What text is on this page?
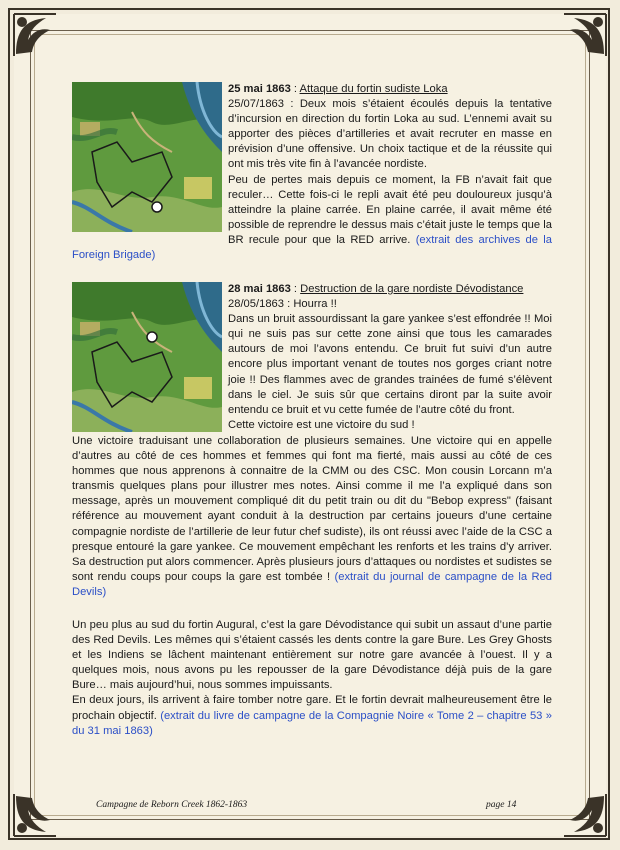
25 mai 1863 : Attaque du fortin sudiste Loka

25/07/1863 : Deux mois s’étaient écoulés depuis la tentative d’incursion en direction du fortin Loka au sud. L’ennemi avait su apporter des pièces d’artilleries et avait recruter en masse en prévision d’une offensive. Un choix tactique et de la réussite qui ont mis très vite fin à l’avancée nordiste.

Peu de pertes mais depuis ce moment, la FB n’avait fait que reculer… Cette fois-ci le repli avait été peu douloureux jusqu’à atteindre la plaine carrée. En plaine carrée, il avait même été possible de reprendre le dessus mais c’était juste le temps que la BR recule pour que la RED arrive. (extrait des archives de la Foreign Brigade)

28 mai 1863 : Destruction de la gare nordiste Dévodistance

28/05/1863 : Hourra !!

Dans un bruit assourdissant la gare yankee s’est effondrée !! Moi qui ne suis pas sur cette zone ainsi que tous les camarades autours de moi l’avons entendu. Ce bruit fut suivi d’un autre encore plus important venant de toutes nos gorges criant notre joie !! Des flammes avec de grandes trainées de fumé s’élèvent dans le ciel. Je suis sûr que certains diront par la suite avoir entendu ce bruit et vu cette fumée de l’autre côté du front.

Cette victoire est une victoire du sud !

Une victoire traduisant une collaboration de plusieurs semaines. Une victoire qui en appelle d’autres au côté de ces hommes et femmes qui font ma fierté, mais aussi au côté de ces hommes que nous apprenons à connaitre de la CMM ou des CSC. Mon cousin Lorcann m’a transmis quelques plans pour illustrer mes notes. Ainsi comme il me l’a expliqué dans son message, après un mouvement compliqué dit du petit train ou dit du "Bebop express" (faisant référence au mouvement ayant conduit à la destruction par certains joueurs d’une certaine compagnie nordiste de l’artillerie de leur futur chef sudiste), ils ont réussi avec l’aide de la CSC a presque entouré la gare yankee. Ce mouvement empêchant les renforts et les trains d’y arriver. Sa destruction put alors commencer. Après plusieurs jours d’attaques ou nordistes et sudistes se sont rendu coups pour coups la gare est tombée ! (extrait du journal de campagne de la Red Devils)

Un peu plus au sud du fortin Augural, c’est la gare Dévodistance qui subit un assaut d’une partie des Red Devils. Les mêmes qui s’étaient cassés les dents contre la gare Bure. Les Grey Ghosts et les Indiens se lâchent maintenant entièrement sur notre gare avancée à l’ouest. Il y a quelques mois, nous avons pu les repousser de la gare Dévodistance déjà puis de la gare Bure… mais aujourd’hui, nous sommes impuissants.

En deux jours, ils arrivent à faire tomber notre gare. Et le fortin devrait malheureusement être le prochain objectif. (extrait du livre de campagne de la Compagnie Noire « Tome 2 – chapitre 53 » du 31 mai 1863)

Campagne de Reborn Creek 1862-1863	page 14
